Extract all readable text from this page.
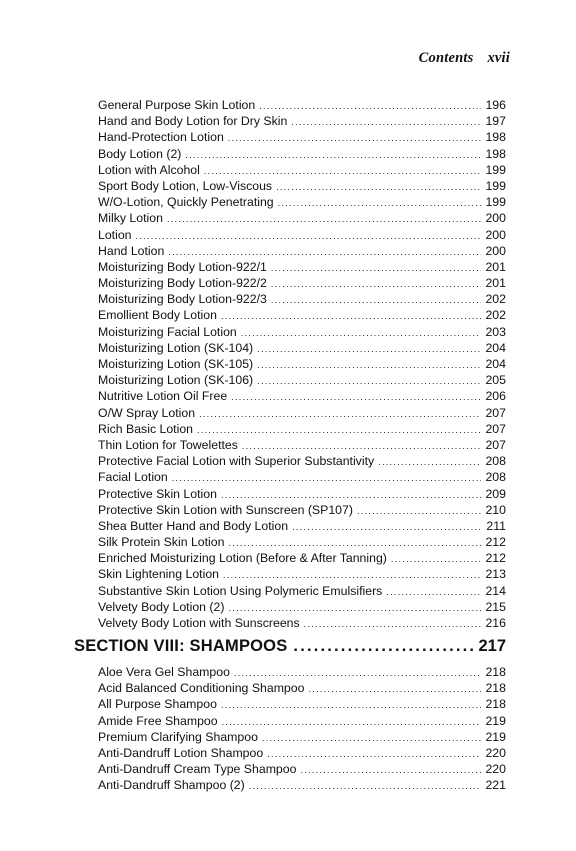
Contents xvii
General Purpose Skin Lotion . . .	196
Hand and Body Lotion for Dry Skin . . .	197
Hand-Protection Lotion . . .	198
Body Lotion (2) . . .	198
Lotion with Alcohol . . .	199
Sport Body Lotion, Low-Viscous . . .	199
W/O-Lotion, Quickly Penetrating . . .	199
Milky Lotion . . .	200
Lotion . . .	200
Hand Lotion . . .	200
Moisturizing Body Lotion-922/1 . . .	201
Moisturizing Body Lotion-922/2 . . .	201
Moisturizing Body Lotion-922/3 . . .	202
Emollient Body Lotion . . .	202
Moisturizing Facial Lotion . . .	203
Moisturizing Lotion (SK-104) . . .	204
Moisturizing Lotion (SK-105) . . .	204
Moisturizing Lotion (SK-106) . . .	205
Nutritive Lotion Oil Free . . .	206
O/W Spray Lotion . . .	207
Rich Basic Lotion . . .	207
Thin Lotion for Towelettes . . .	207
Protective Facial Lotion with Superior Substantivity . . .	208
Facial Lotion . . .	208
Protective Skin Lotion . . .	209
Protective Skin Lotion with Sunscreen (SP107) . . .	210
Shea Butter Hand and Body Lotion . . .	211
Silk Protein Skin Lotion . . .	212
Enriched Moisturizing Lotion (Before & After Tanning) . . .	212
Skin Lightening Lotion . . .	213
Substantive Skin Lotion Using Polymeric Emulsifiers . . .	214
Velvety Body Lotion (2) . . .	215
Velvety Body Lotion with Sunscreens . . .	216
SECTION VIII: SHAMPOOS . . .	217
Aloe Vera Gel Shampoo . . .	218
Acid Balanced Conditioning Shampoo . . .	218
All Purpose Shampoo . . .	218
Amide Free Shampoo . . .	219
Premium Clarifying Shampoo . . .	219
Anti-Dandruff Lotion Shampoo . . .	220
Anti-Dandruff Cream Type Shampoo . . .	220
Anti-Dandruff Shampoo (2) . . .	221
